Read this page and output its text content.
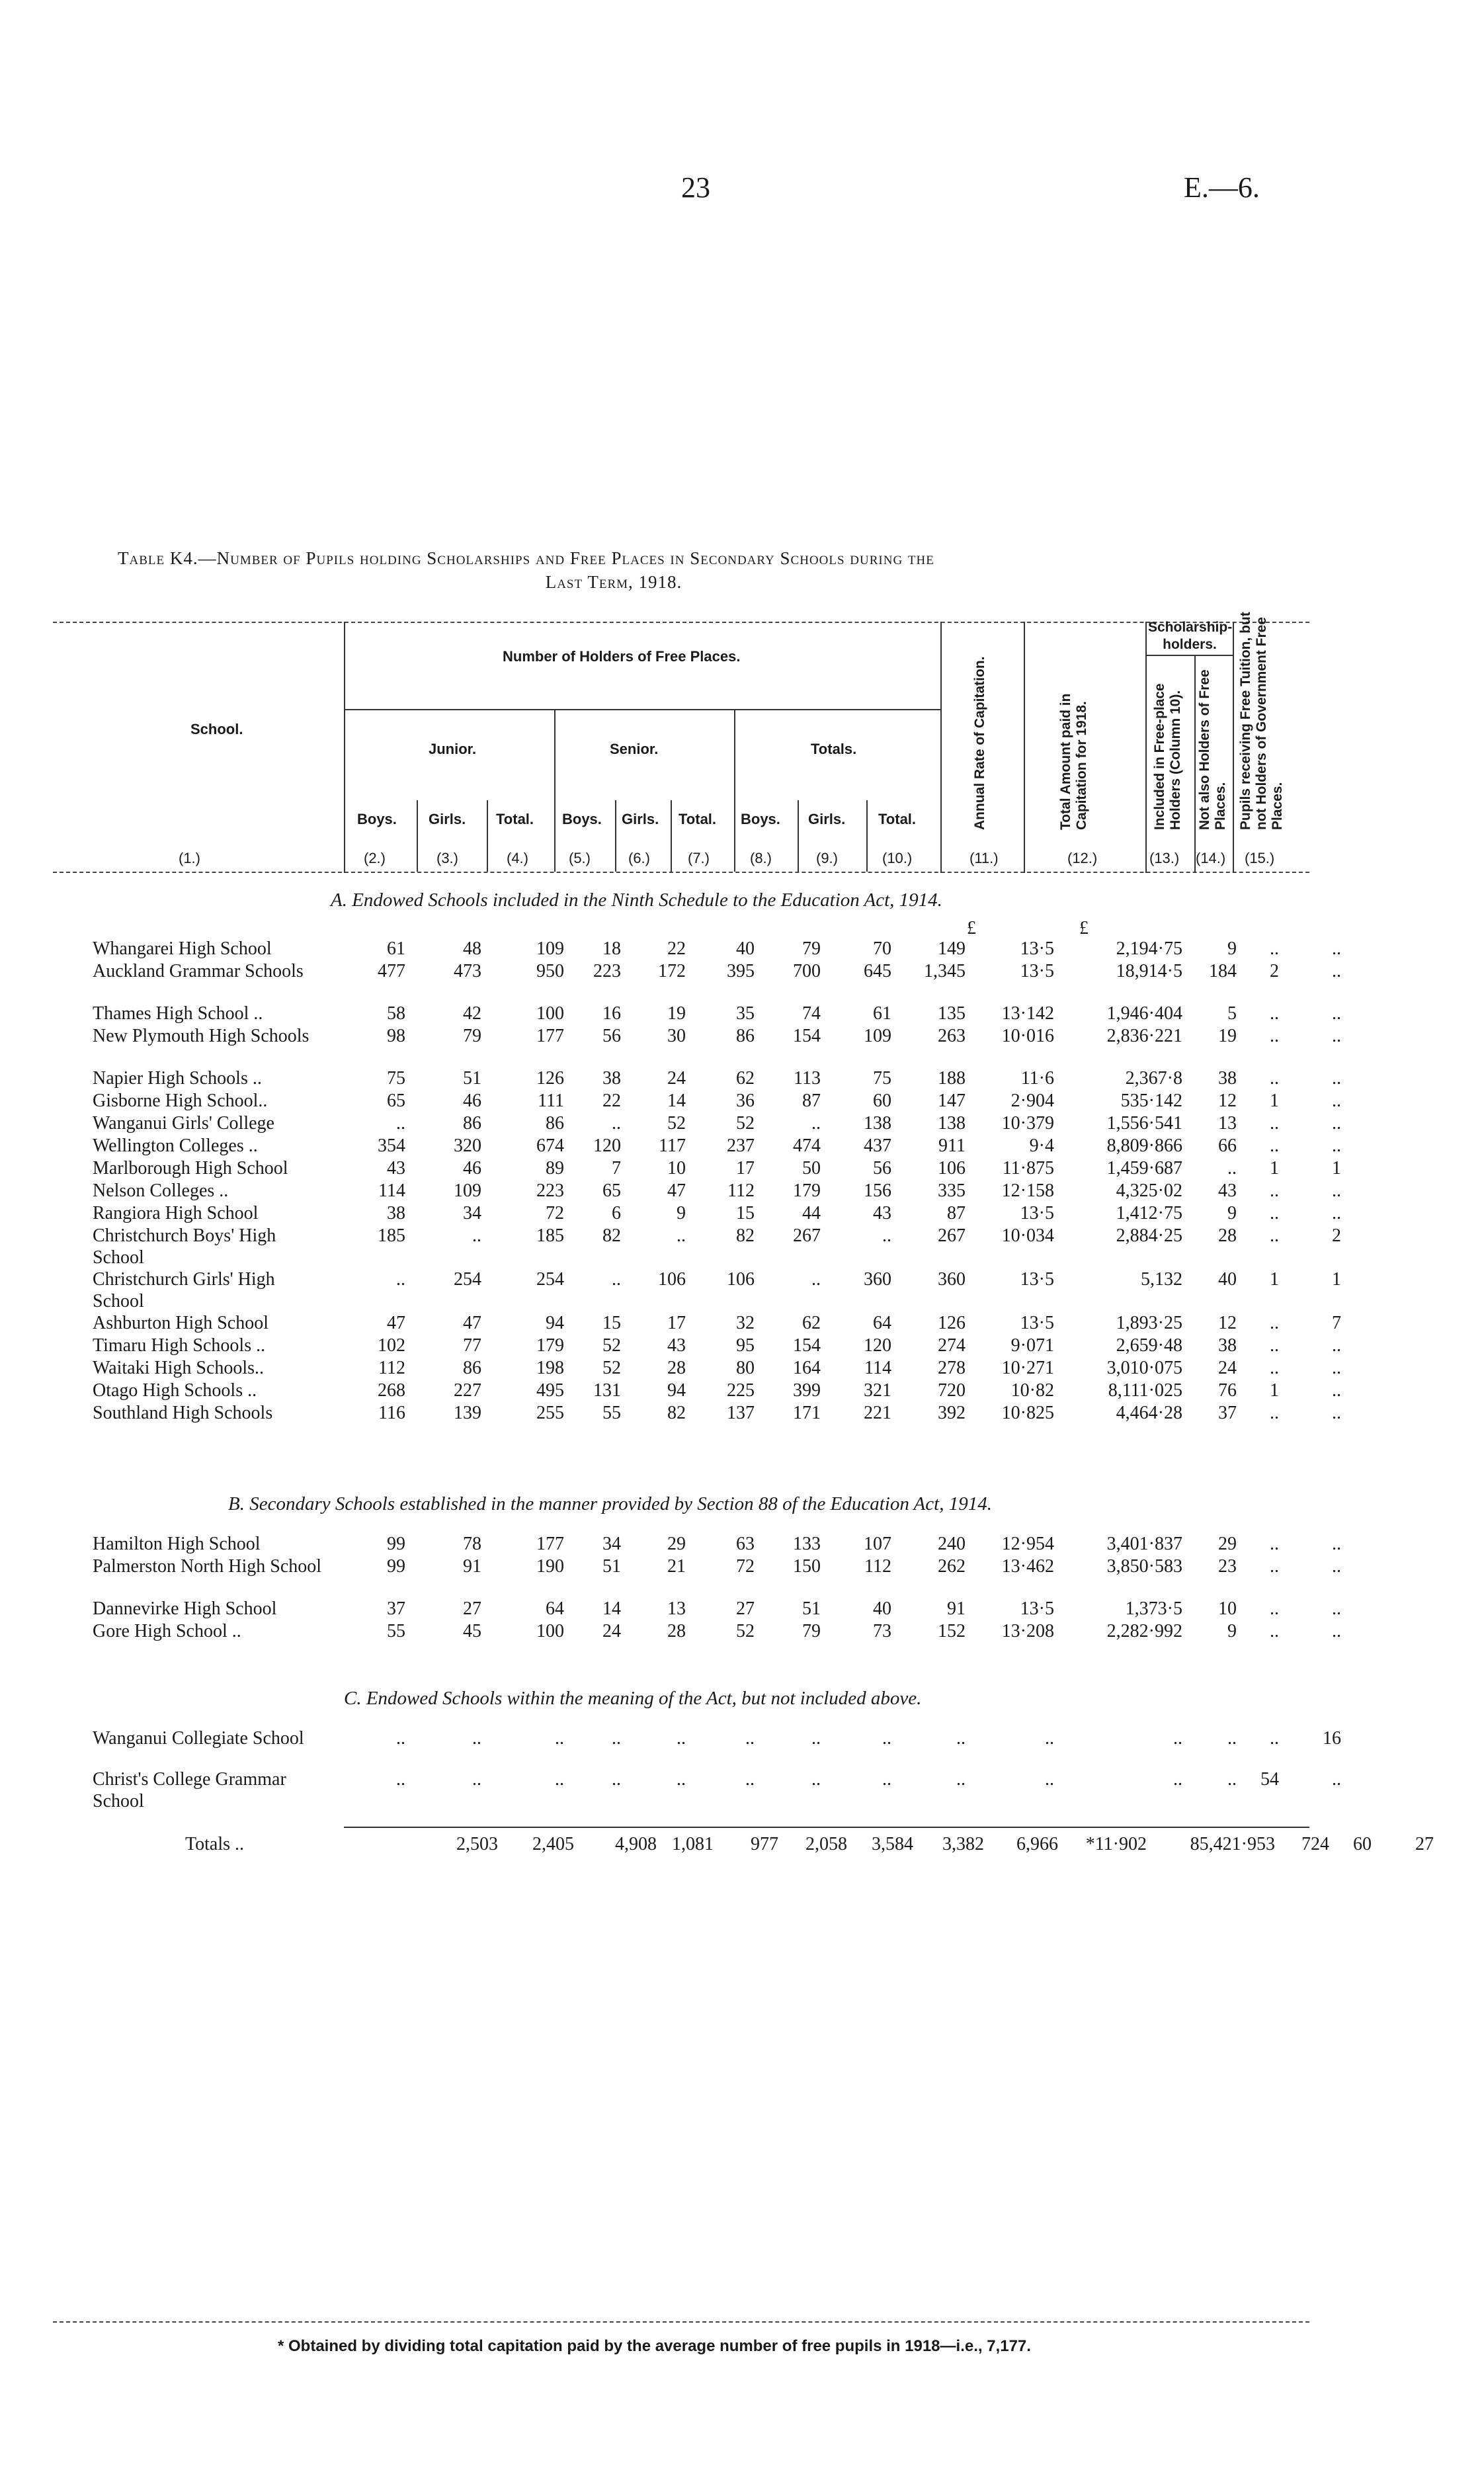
23	E.—6.
Table K4.—Number of Pupils holding Scholarships and Free Places in Secondary Schools during the
Last Term, 1918.
School.
Number of Holders of Free Places.
Junior.	Senior.	Totals.
Boys. Girls. Total. Boys. Girls. Total. Boys. Girls. Total.	Annual Rate of Capitation.	Total Amount paid in Capitation for 1918.
Scholarship-holders.
Included in Free-place Holders (Column 10). Not also Holders of Free Places. Pupils receiving Free Tuition, but not Holders of Government Free Places.
(1.)	(2.)	(3.)	(4.)	(5.)	(6.)	(7.)	(8.)	(9.)	(10.)	(11.)	(12.)	(13.) (14.) (15.)
A. Endowed Schools included in the Ninth Schedule to the Education Act, 1914.
£	£
Whangarei High School	61	48	109	18	22	40	79	70	149	13·5	2,194·75	9	..	..
Auckland Grammar Schools	477	473	950	223	172	395	700	645	1,345	13·5	18,914·5	184	2	..
Thames High School ..	58	42	100	16	19	35	74	61	135	13·142	1,946·404	5	..	..
New Plymouth High Schools	98	79	177	56	30	86	154	109	263	10·016	2,836·221	19	..	..
Napier High Schools ..	75	51	126	38	24	62	113	75	188	11·6	2,367·8	38	..	..
Gisborne High School..	65	46	111	22	14	36	87	60	147	2·904	535·142	12	1	..
Wanganui Girls' College	..	86	86	..	52	52	..	138	138	10·379	1,556·541	13	..	..
Wellington Colleges ..	354	320	674	120	117	237	474	437	911	9·4	8,809·866	66	..	..
Marlborough High School	43	46	89	7	10	17	50	56	106	11·875	1,459·687	..	1	1
Nelson Colleges ..	114	109	223	65	47	112	179	156	335	12·158	4,325·02	43	..	..
Rangiora High School	38	34	72	6	9	15	44	43	87	13·5	1,412·75	9	..	..
Christchurch Boys' High School	185	..	185	82	..	82	267	..	267	10·034	2,884·25	28	..	2
Christchurch Girls' High School	..	254	254	..	106	106	..	360	360	13·5	5,132	40	1	1
Ashburton High School	47	47	94	15	17	32	62	64	126	13·5	1,893·25	12	..	7
Timaru High Schools ..	102	77	179	52	43	95	154	120	274	9·071	2,659·48	38	..	..
Waitaki High Schools..	112	86	198	52	28	80	164	114	278	10·271	3,010·075	24	..	..
Otago High Schools ..	268	227	495	131	94	225	399	321	720	10·82	8,111·025	76	1	..
Southland High Schools	116	139	255	55	82	137	171	221	392	10·825	4,464·28	37	..	..
B. Secondary Schools established in the manner provided by Section 88 of the Education Act, 1914.
Hamilton High School	99	78	177	34	29	63	133	107	240	12·954	3,401·837	29	..	..
Palmerston North High School	99	91	190	51	21	72	150	112	262	13·462	3,850·583	23	..	..
Dannevirke High School	37	27	64	14	13	27	51	40	91	13·5	1,373·5	10	..	..
Gore High School ..	55	45	100	24	28	52	79	73	152	13·208	2,282·992	9	..	..
C. Endowed Schools within the meaning of the Act, but not included above.
Wanganui Collegiate School	..	..	..	..	..	..	..	..	..	..	..	..	..	16
Christ's College Grammar School	..	..	..	..	..	..	..	..	..	..	..	..	54	..
Totals ..	2,503	2,405	4,908	1,081	977	2,058	3,584	3,382	6,966	*11·902	85,421·953	724	60	27
* Obtained by dividing total capitation paid by the average number of free pupils in 1918—i.e., 7,177.
